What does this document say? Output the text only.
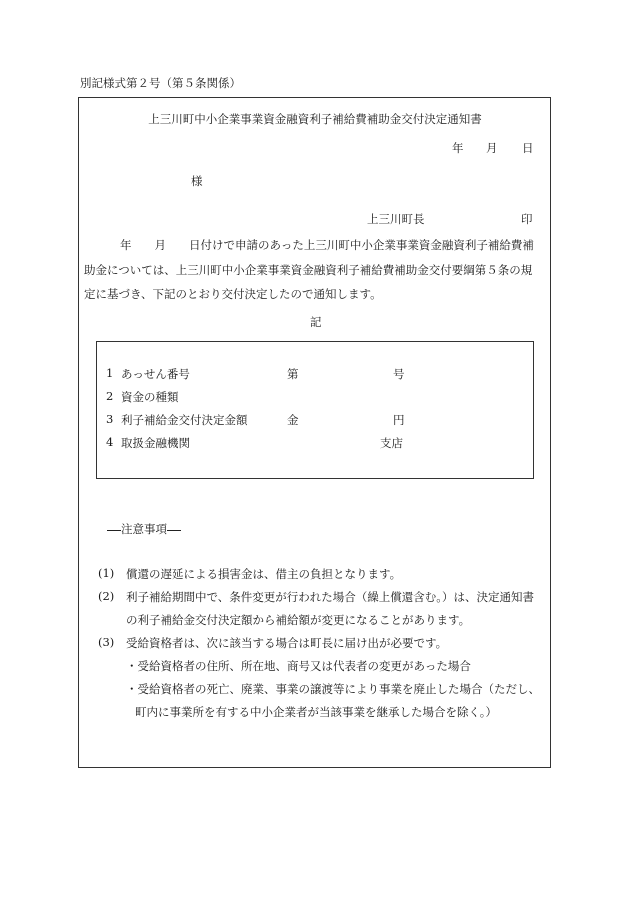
別記様式第２号（第５条関係）
上三川町中小企業事業資金融資利子補給費補助金交付決定通知書
年 月 日
様
上三川町長	印
年　　月　　日付けで申請のあった上三川町中小企業事業資金融資利子補給費補
助金については、上三川町中小企業事業資金融資利子補給費補助金交付要綱第５条の規
定に基づき、下記のとおり交付決定したので通知します。
記
1 あっせん番号	第	号
2 資金の種類
3 利子補給金交付決定金額	金	円
4 取扱金融機関	支店
注意事項
(1) 償還の遅延による損害金は、借主の負担となります。
(2) 利子補給期間中で、条件変更が行われた場合（繰上償還含む。）は、決定通知書
の利子補給金交付決定額から補給額が変更になることがあります。
(3) 受給資格者は、次に該当する場合は町長に届け出が必要です。
・受給資格者の住所、所在地、商号又は代表者の変更があった場合
・受給資格者の死亡、廃業、事業の譲渡等により事業を廃止した場合（ただし、
町内に事業所を有する中小企業者が当該事業を継承した場合を除く。）
